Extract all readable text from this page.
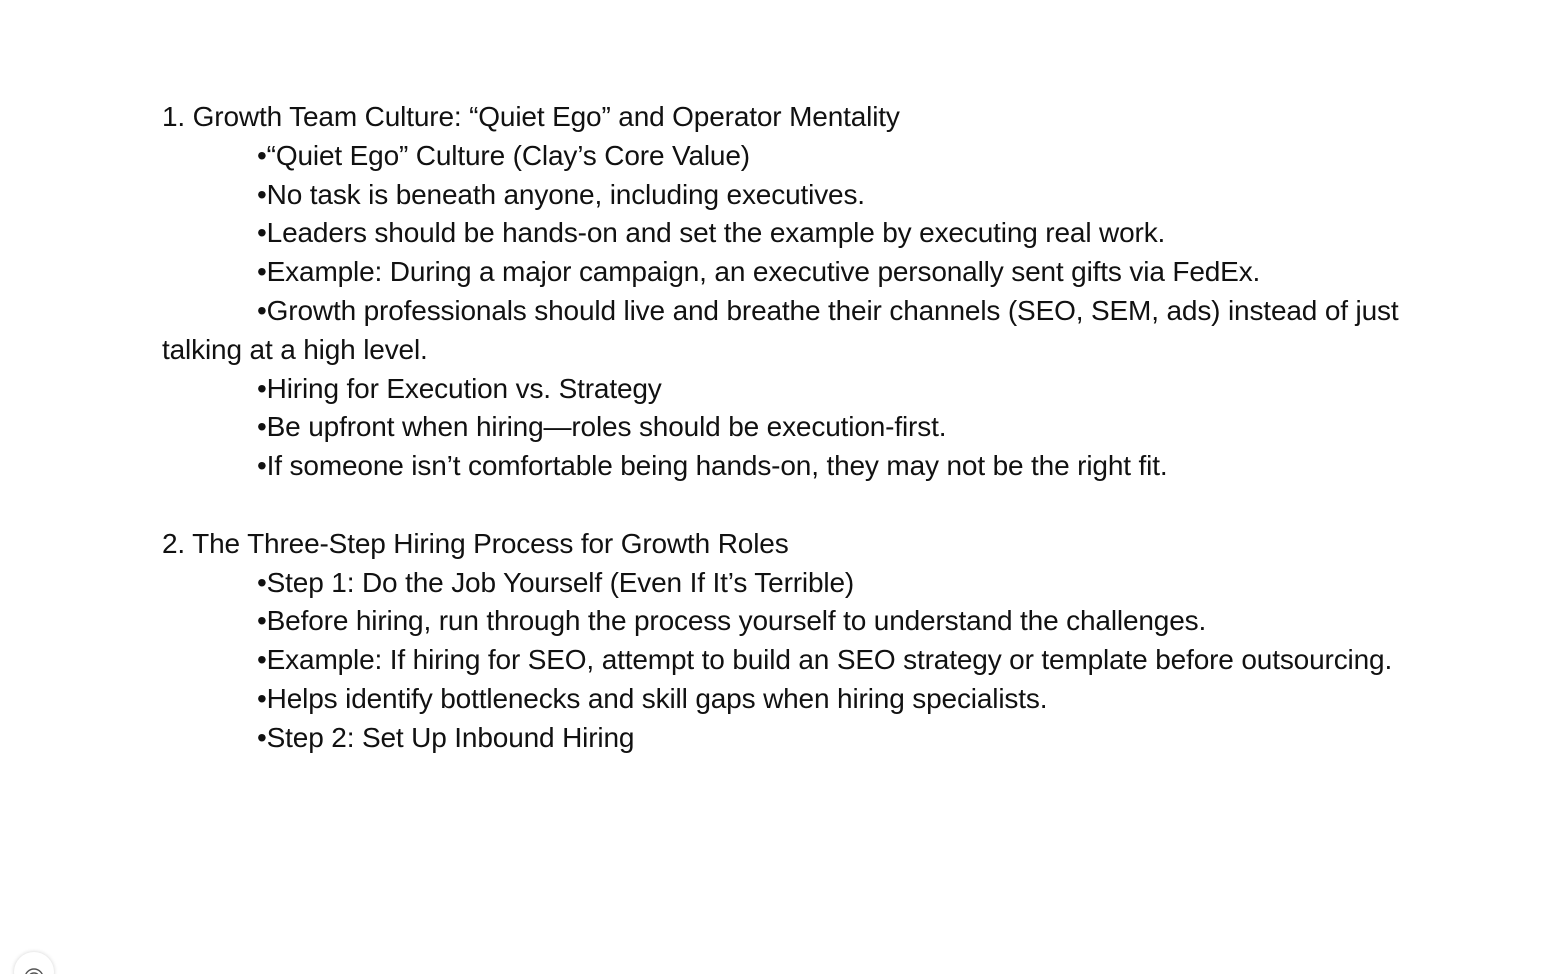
1. Growth Team Culture: “Quiet Ego” and Operator Mentality

•“Quiet Ego” Culture (Clay’s Core Value)

•No task is beneath anyone, including executives.

•Leaders should be hands-on and set the example by executing real work.

•Example: During a major campaign, an executive personally sent gifts via FedEx.

•Growth professionals should live and breathe their channels (SEO, SEM, ads) instead of just talking at a high level.

•Hiring for Execution vs. Strategy

•Be upfront when hiring—roles should be execution-first.

•If someone isn’t comfortable being hands-on, they may not be the right fit.

2. The Three-Step Hiring Process for Growth Roles

•Step 1: Do the Job Yourself (Even If It’s Terrible)

•Before hiring, run through the process yourself to understand the challenges.

•Example: If hiring for SEO, attempt to build an SEO strategy or template before outsourcing.

•Helps identify bottlenecks and skill gaps when hiring specialists.

•Step 2: Set Up Inbound Hiring
